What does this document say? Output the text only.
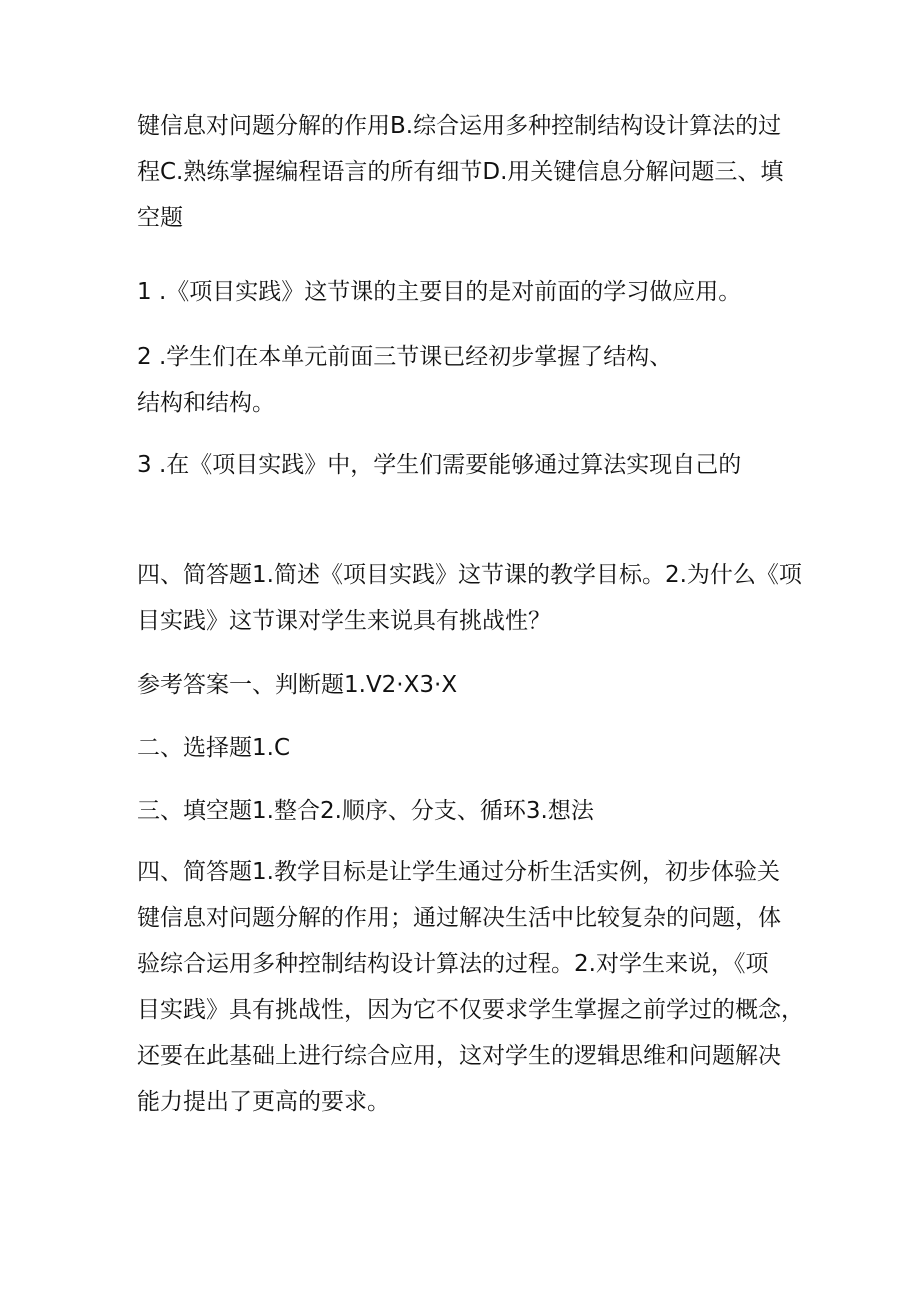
键信息对问题分解的作用B.综合运用多种控制结构设计算法的过
程C.熟练掌握编程语言的所有细节D.用关键信息分解问题三、填
空题
1 .《项目实践》这节课的主要目的是对前面的学习做应用。
2 .学生们在本单元前面三节课已经初步掌握了结构、
结构和结构。
3 .在《项目实践》中，学生们需要能够通过算法实现自己的
四、简答题1.简述《项目实践》这节课的教学目标。2.为什么《项
目实践》这节课对学生来说具有挑战性？
参考答案一、判断题1.V2·X3·X
二、选择题1.C
三、填空题1.整合2.顺序、分支、循环3.想法
四、简答题1.教学目标是让学生通过分析生活实例，初步体验关
键信息对问题分解的作用；通过解决生活中比较复杂的问题，体
验综合运用多种控制结构设计算法的过程。2.对学生来说，《项
目实践》具有挑战性，因为它不仅要求学生掌握之前学过的概念，
还要在此基础上进行综合应用，这对学生的逻辑思维和问题解决
能力提出了更高的要求。
